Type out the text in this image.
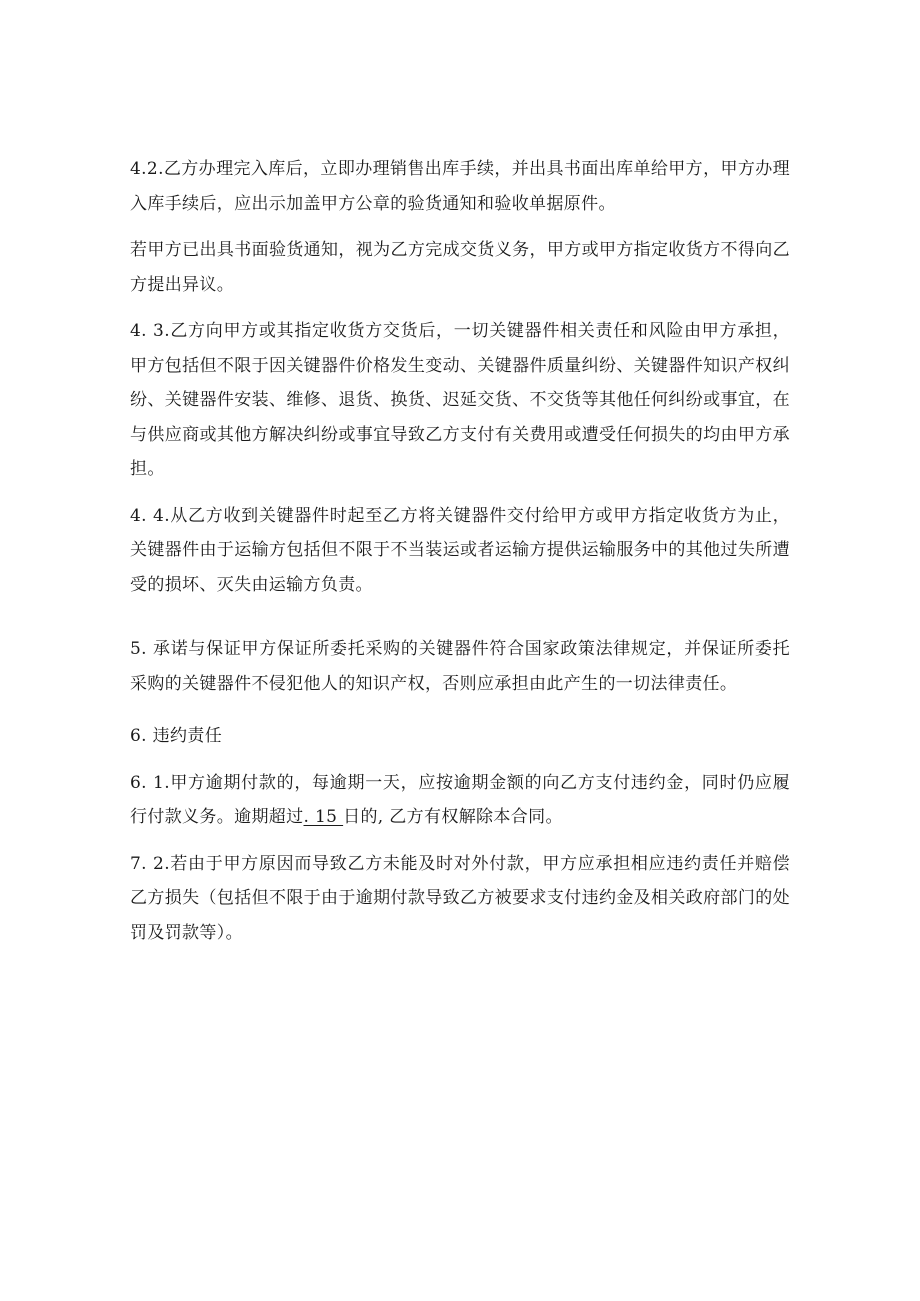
4.2.乙方办理完入库后，立即办理销售出库手续，并出具书面出库单给甲方，甲方办理入库手续后，应出示加盖甲方公章的验货通知和验收单据原件。

若甲方已出具书面验货通知，视为乙方完成交货义务，甲方或甲方指定收货方不得向乙方提出异议。

4. 3.乙方向甲方或其指定收货方交货后，一切关键器件相关责任和风险由甲方承担，甲方包括但不限于因关键器件价格发生变动、关键器件质量纠纷、关键器件知识产权纠纷、关键器件安装、维修、退货、换货、迟延交货、不交货等其他任何纠纷或事宜，在与供应商或其他方解决纠纷或事宜导致乙方支付有关费用或遭受任何损失的均由甲方承担。

4. 4.从乙方收到关键器件时起至乙方将关键器件交付给甲方或甲方指定收货方为止，关键器件由于运输方包括但不限于不当装运或者运输方提供运输服务中的其他过失所遭受的损坏、灭失由运输方负责。

5. 承诺与保证甲方保证所委托采购的关键器件符合国家政策法律规定，并保证所委托采购的关键器件不侵犯他人的知识产权，否则应承担由此产生的一切法律责任。

6. 违约责任

6. 1.甲方逾期付款的，每逾期一天，应按逾期金额的向乙方支付违约金，同时仍应履行付款义务。逾期超过. 15 日的, 乙方有权解除本合同。

7. 2.若由于甲方原因而导致乙方未能及时对外付款，甲方应承担相应违约责任并赔偿乙方损失（包括但不限于由于逾期付款导致乙方被要求支付违约金及相关政府部门的处罚及罚款等）。
